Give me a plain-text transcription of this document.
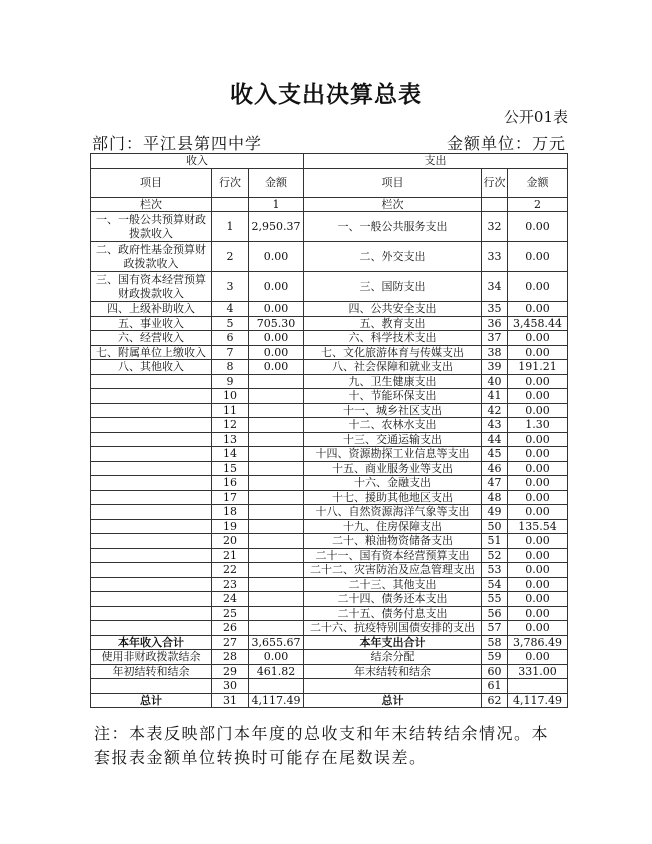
收入支出决算总表
公开01表
部门：平江县第四中学	金额单位：万元
收入			支出		
项目	行次	金额	项目	行次	金额
栏次		1	栏次		2
一、一般公共预算财政拨款收入	1	2,950.37	一、一般公共服务支出	32	0.00
二、政府性基金预算财政拨款收入	2	0.00	二、外交支出	33	0.00
三、国有资本经营预算财政拨款收入	3	0.00	三、国防支出	34	0.00
四、上级补助收入	4	0.00	四、公共安全支出	35	0.00
五、事业收入	5	705.30	五、教育支出	36	3,458.44
六、经营收入	6	0.00	六、科学技术支出	37	0.00
七、附属单位上缴收入	7	0.00	七、文化旅游体育与传媒支出	38	0.00
八、其他收入	8	0.00	八、社会保障和就业支出	39	191.21
	9		九、卫生健康支出	40	0.00
	10		十、节能环保支出	41	0.00
	11		十一、城乡社区支出	42	0.00
	12		十二、农林水支出	43	1.30
	13		十三、交通运输支出	44	0.00
	14		十四、资源勘探工业信息等支出	45	0.00
	15		十五、商业服务业等支出	46	0.00
	16		十六、金融支出	47	0.00
	17		十七、援助其他地区支出	48	0.00
	18		十八、自然资源海洋气象等支出	49	0.00
	19		十九、住房保障支出	50	135.54
	20		二十、粮油物资储备支出	51	0.00
	21		二十一、国有资本经营预算支出	52	0.00
	22		二十二、灾害防治及应急管理支出	53	0.00
	23		二十三、其他支出	54	0.00
	24		二十四、债务还本支出	55	0.00
	25		二十五、债务付息支出	56	0.00
	26		二十六、抗疫特别国债安排的支出	57	0.00
本年收入合计	27	3,655.67	本年支出合计	58	3,786.49
使用非财政拨款结余	28	0.00	结余分配	59	0.00
年初结转和结余	29	461.82	年末结转和结余	60	331.00
	30			61	
总计	31	4,117.49	总计	62	4,117.49
注：本表反映部门本年度的总收支和年末结转结余情况。本套报表金额单位转换时可能存在尾数误差。
